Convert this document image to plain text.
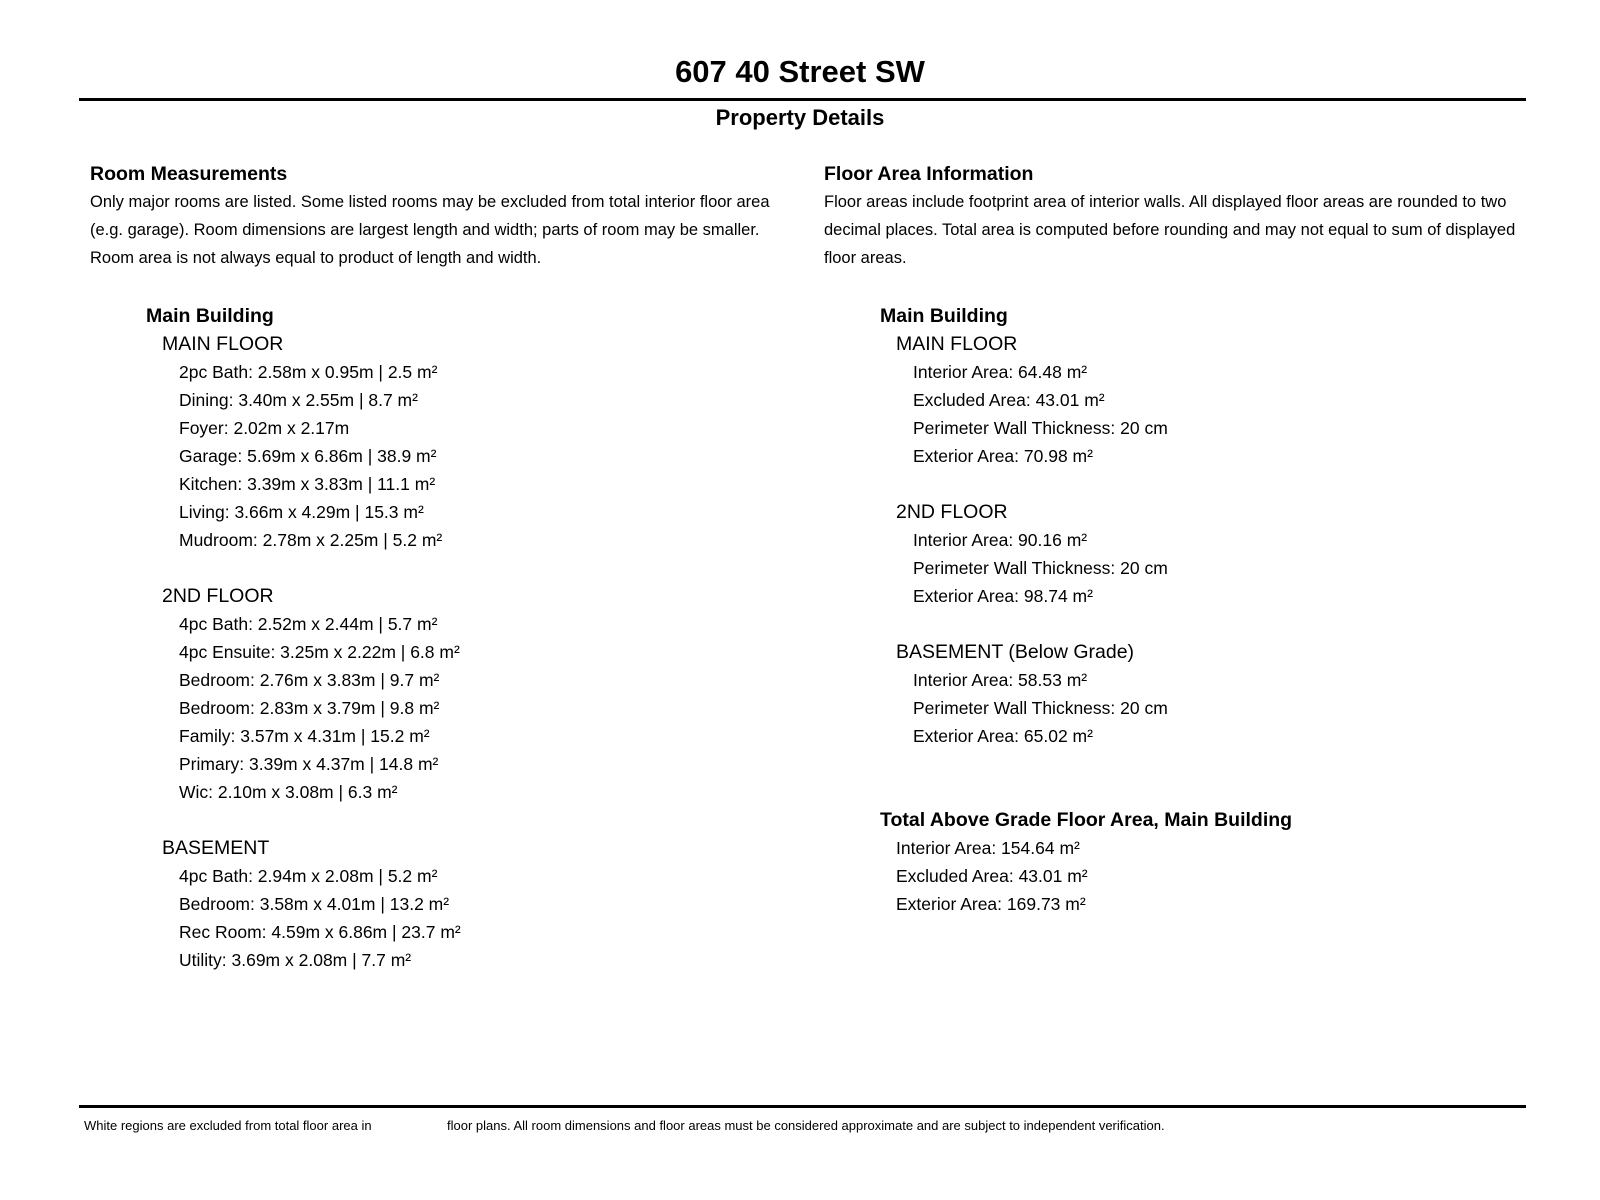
607 40 Street SW
Property Details
Room Measurements
Only major rooms are listed. Some listed rooms may be excluded from total interior floor area (e.g. garage). Room dimensions are largest length and width; parts of room may be smaller. Room area is not always equal to product of length and width.
Main Building
MAIN FLOOR
2pc Bath: 2.58m x 0.95m | 2.5 m²
Dining: 3.40m x 2.55m | 8.7 m²
Foyer: 2.02m x 2.17m
Garage: 5.69m x 6.86m | 38.9 m²
Kitchen: 3.39m x 3.83m | 11.1 m²
Living: 3.66m x 4.29m | 15.3 m²
Mudroom: 2.78m x 2.25m | 5.2 m²
2ND FLOOR
4pc Bath: 2.52m x 2.44m | 5.7 m²
4pc Ensuite: 3.25m x 2.22m | 6.8 m²
Bedroom: 2.76m x 3.83m | 9.7 m²
Bedroom: 2.83m x 3.79m | 9.8 m²
Family: 3.57m x 4.31m | 15.2 m²
Primary: 3.39m x 4.37m | 14.8 m²
Wic: 2.10m x 3.08m | 6.3 m²
BASEMENT
4pc Bath: 2.94m x 2.08m | 5.2 m²
Bedroom: 3.58m x 4.01m | 13.2 m²
Rec Room: 4.59m x 6.86m | 23.7 m²
Utility: 3.69m x 2.08m | 7.7 m²
Floor Area Information
Floor areas include footprint area of interior walls. All displayed floor areas are rounded to two decimal places. Total area is computed before rounding and may not equal to sum of displayed floor areas.
Main Building
MAIN FLOOR
Interior Area: 64.48 m²
Excluded Area: 43.01 m²
Perimeter Wall Thickness: 20 cm
Exterior Area: 70.98 m²
2ND FLOOR
Interior Area: 90.16 m²
Perimeter Wall Thickness: 20 cm
Exterior Area: 98.74 m²
BASEMENT (Below Grade)
Interior Area: 58.53 m²
Perimeter Wall Thickness: 20 cm
Exterior Area: 65.02 m²
Total Above Grade Floor Area, Main Building
Interior Area: 154.64 m²
Excluded Area: 43.01 m²
Exterior Area: 169.73 m²
White regions are excluded from total floor area in	floor plans. All room dimensions and floor areas must be considered approximate and are subject to independent verification.
